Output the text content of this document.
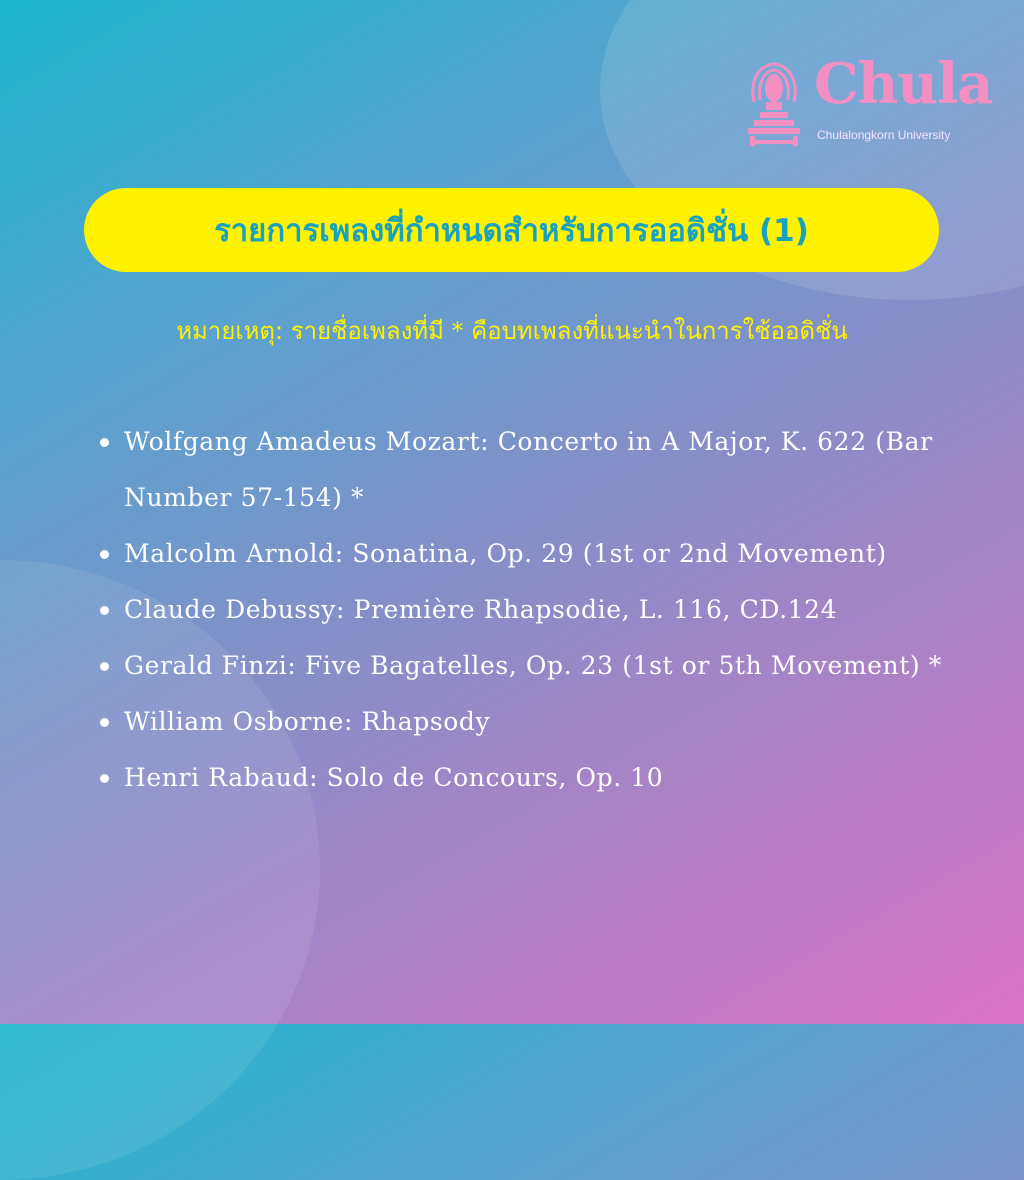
Chula
Chulalongkorn University
รายการเพลงที่กำหนดสำหรับการออดิชั่น (1)
หมายเหตุ: รายชื่อเพลงที่มี * คือบทเพลงที่แนะนำในการใช้ออดิชั่น
Wolfgang Amadeus Mozart: Concerto in A Major, K. 622 (Bar Number 57-154) *
Malcolm Arnold: Sonatina, Op. 29 (1st or 2nd Movement)
Claude Debussy: Première Rhapsodie, L. 116, CD.124
Gerald Finzi: Five Bagatelles, Op. 23 (1st or 5th Movement) *
William Osborne: Rhapsody
Henri Rabaud: Solo de Concours, Op. 10
